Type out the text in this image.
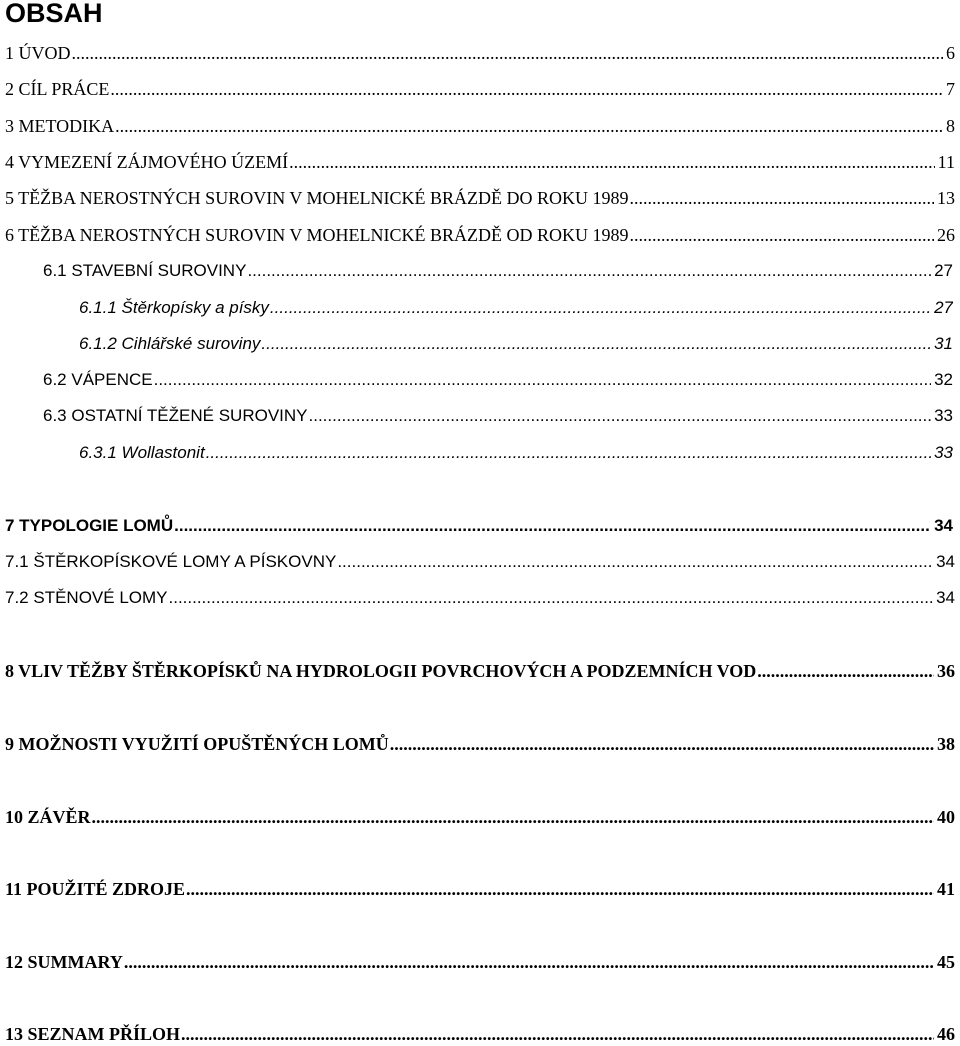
OBSAH
1 ÚVOD .....	6
2 CÍL PRÁCE .....	7
3 METODIKA .....	8
4 VYMEZENÍ ZÁJMOVÉHO ÚZEMÍ .....	11
5 TĚŽBA NEROSTNÝCH SUROVIN V MOHELNICKÉ BRÁZDĚ DO ROKU 1989 .....	13
6 TĚŽBA NEROSTNÝCH SUROVIN V MOHELNICKÉ BRÁZDĚ OD ROKU 1989 .....	26
6.1 STAVEBNÍ SUROVINY .....	27
6.1.1 Štěrkopísky a písky .....	27
6.1.2 Cihlářské suroviny .....	31
6.2 VÁPENCE .....	32
6.3 OSTATNÍ TĚŽENÉ SUROVINY .....	33
6.3.1 Wollastonit .....	33
7 TYPOLOGIE LOMŮ .....	34
7.1 ŠTĚRKOPÍSKOVÉ LOMY A PÍSKOVNY .....	34
7.2 STĚNOVÉ LOMY .....	34
8 VLIV TĚŽBY ŠTĚRKOPÍSKŮ NA HYDROLOGII POVRCHOVÝCH A PODZEMNÍCH VOD .....	36
9 MOŽNOSTI VYUŽITÍ OPUŠTĚNÝCH LOMŮ .....	38
10 ZÁVĚR .....	40
11 POUŽITÉ ZDROJE .....	41
12 SUMMARY .....	45
13 SEZNAM PŘÍLOH .....	46
